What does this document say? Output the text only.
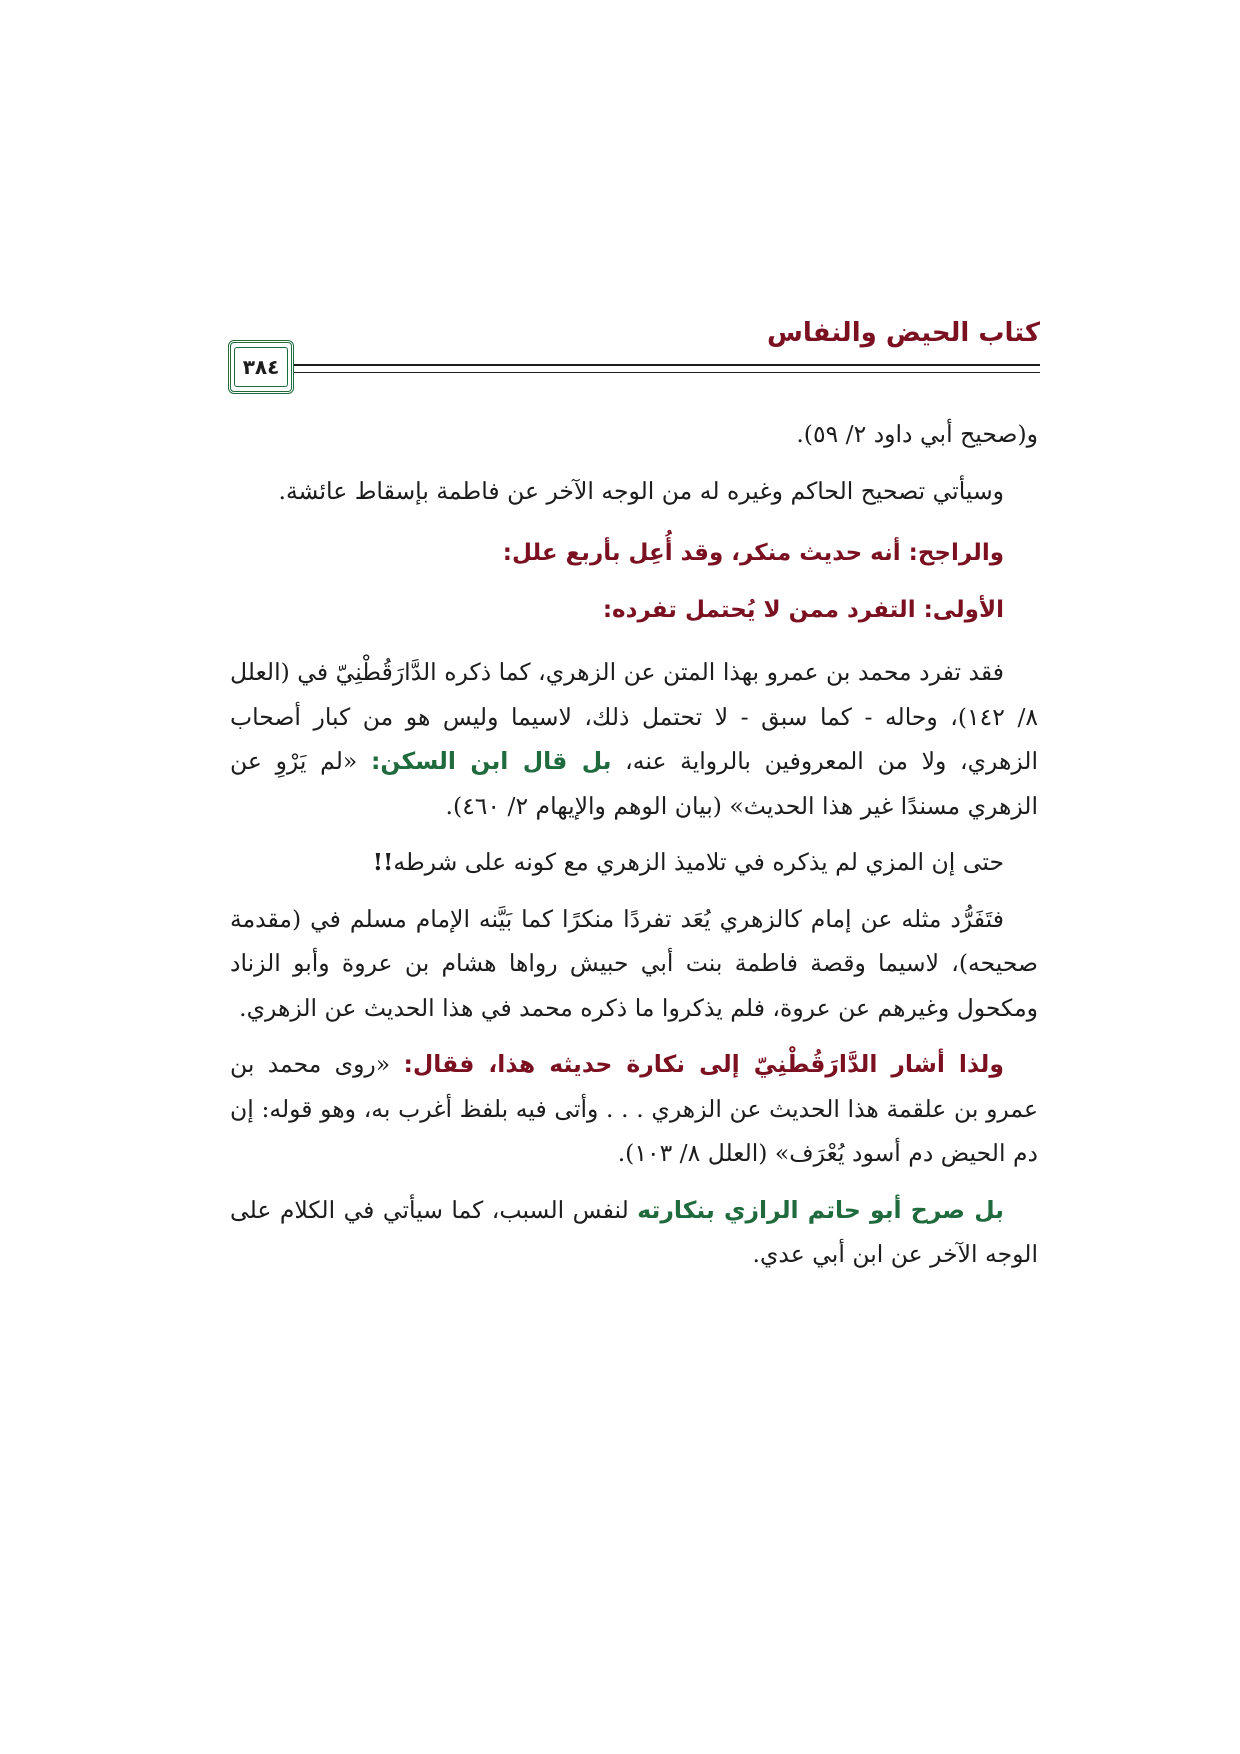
كتاب الحيض والنفاس
٣٨٤

و(صحيح أبي داود ٢/ ٥٩).

وسيأتي تصحيح الحاكم وغيره له من الوجه الآخر عن فاطمة بإسقاط عائشة.

والراجح: أنه حديث منكر، وقد أُعِل بأربع علل:

الأولى: التفرد ممن لا يُحتمل تفرده:

فقد تفرد محمد بن عمرو بهذا المتن عن الزهري، كما ذكره الدَّارَقُطْنِيّ في (العلل ٨/ ١٤٢)، وحاله - كما سبق - لا تحتمل ذلك، لاسيما وليس هو من كبار أصحاب الزهري، ولا من المعروفين بالرواية عنه، بل قال ابن السكن: «لم يَرْوِ عن الزهري مسندًا غير هذا الحديث» (بيان الوهم والإيهام ٢/ ٤٦٠).

حتى إن المزي لم يذكره في تلاميذ الزهري مع كونه على شرطه!!

فتَفَرُّد مثله عن إمام كالزهري يُعَد تفردًا منكرًا كما بَيَّنه الإمام مسلم في (مقدمة صحيحه)، لاسيما وقصة فاطمة بنت أبي حبيش رواها هشام بن عروة وأبو الزناد ومكحول وغيرهم عن عروة، فلم يذكروا ما ذكره محمد في هذا الحديث عن الزهري.

ولذا أشار الدَّارَقُطْنِيّ إلى نكارة حديثه هذا، فقال: «روى محمد بن عمرو بن علقمة هذا الحديث عن الزهري . . . وأتى فيه بلفظ أغرب به، وهو قوله: إن دم الحيض دم أسود يُعْرَف» (العلل ٨/ ١٠٣).

بل صرح أبو حاتم الرازي بنكارته لنفس السبب، كما سيأتي في الكلام على الوجه الآخر عن ابن أبي عدي.
